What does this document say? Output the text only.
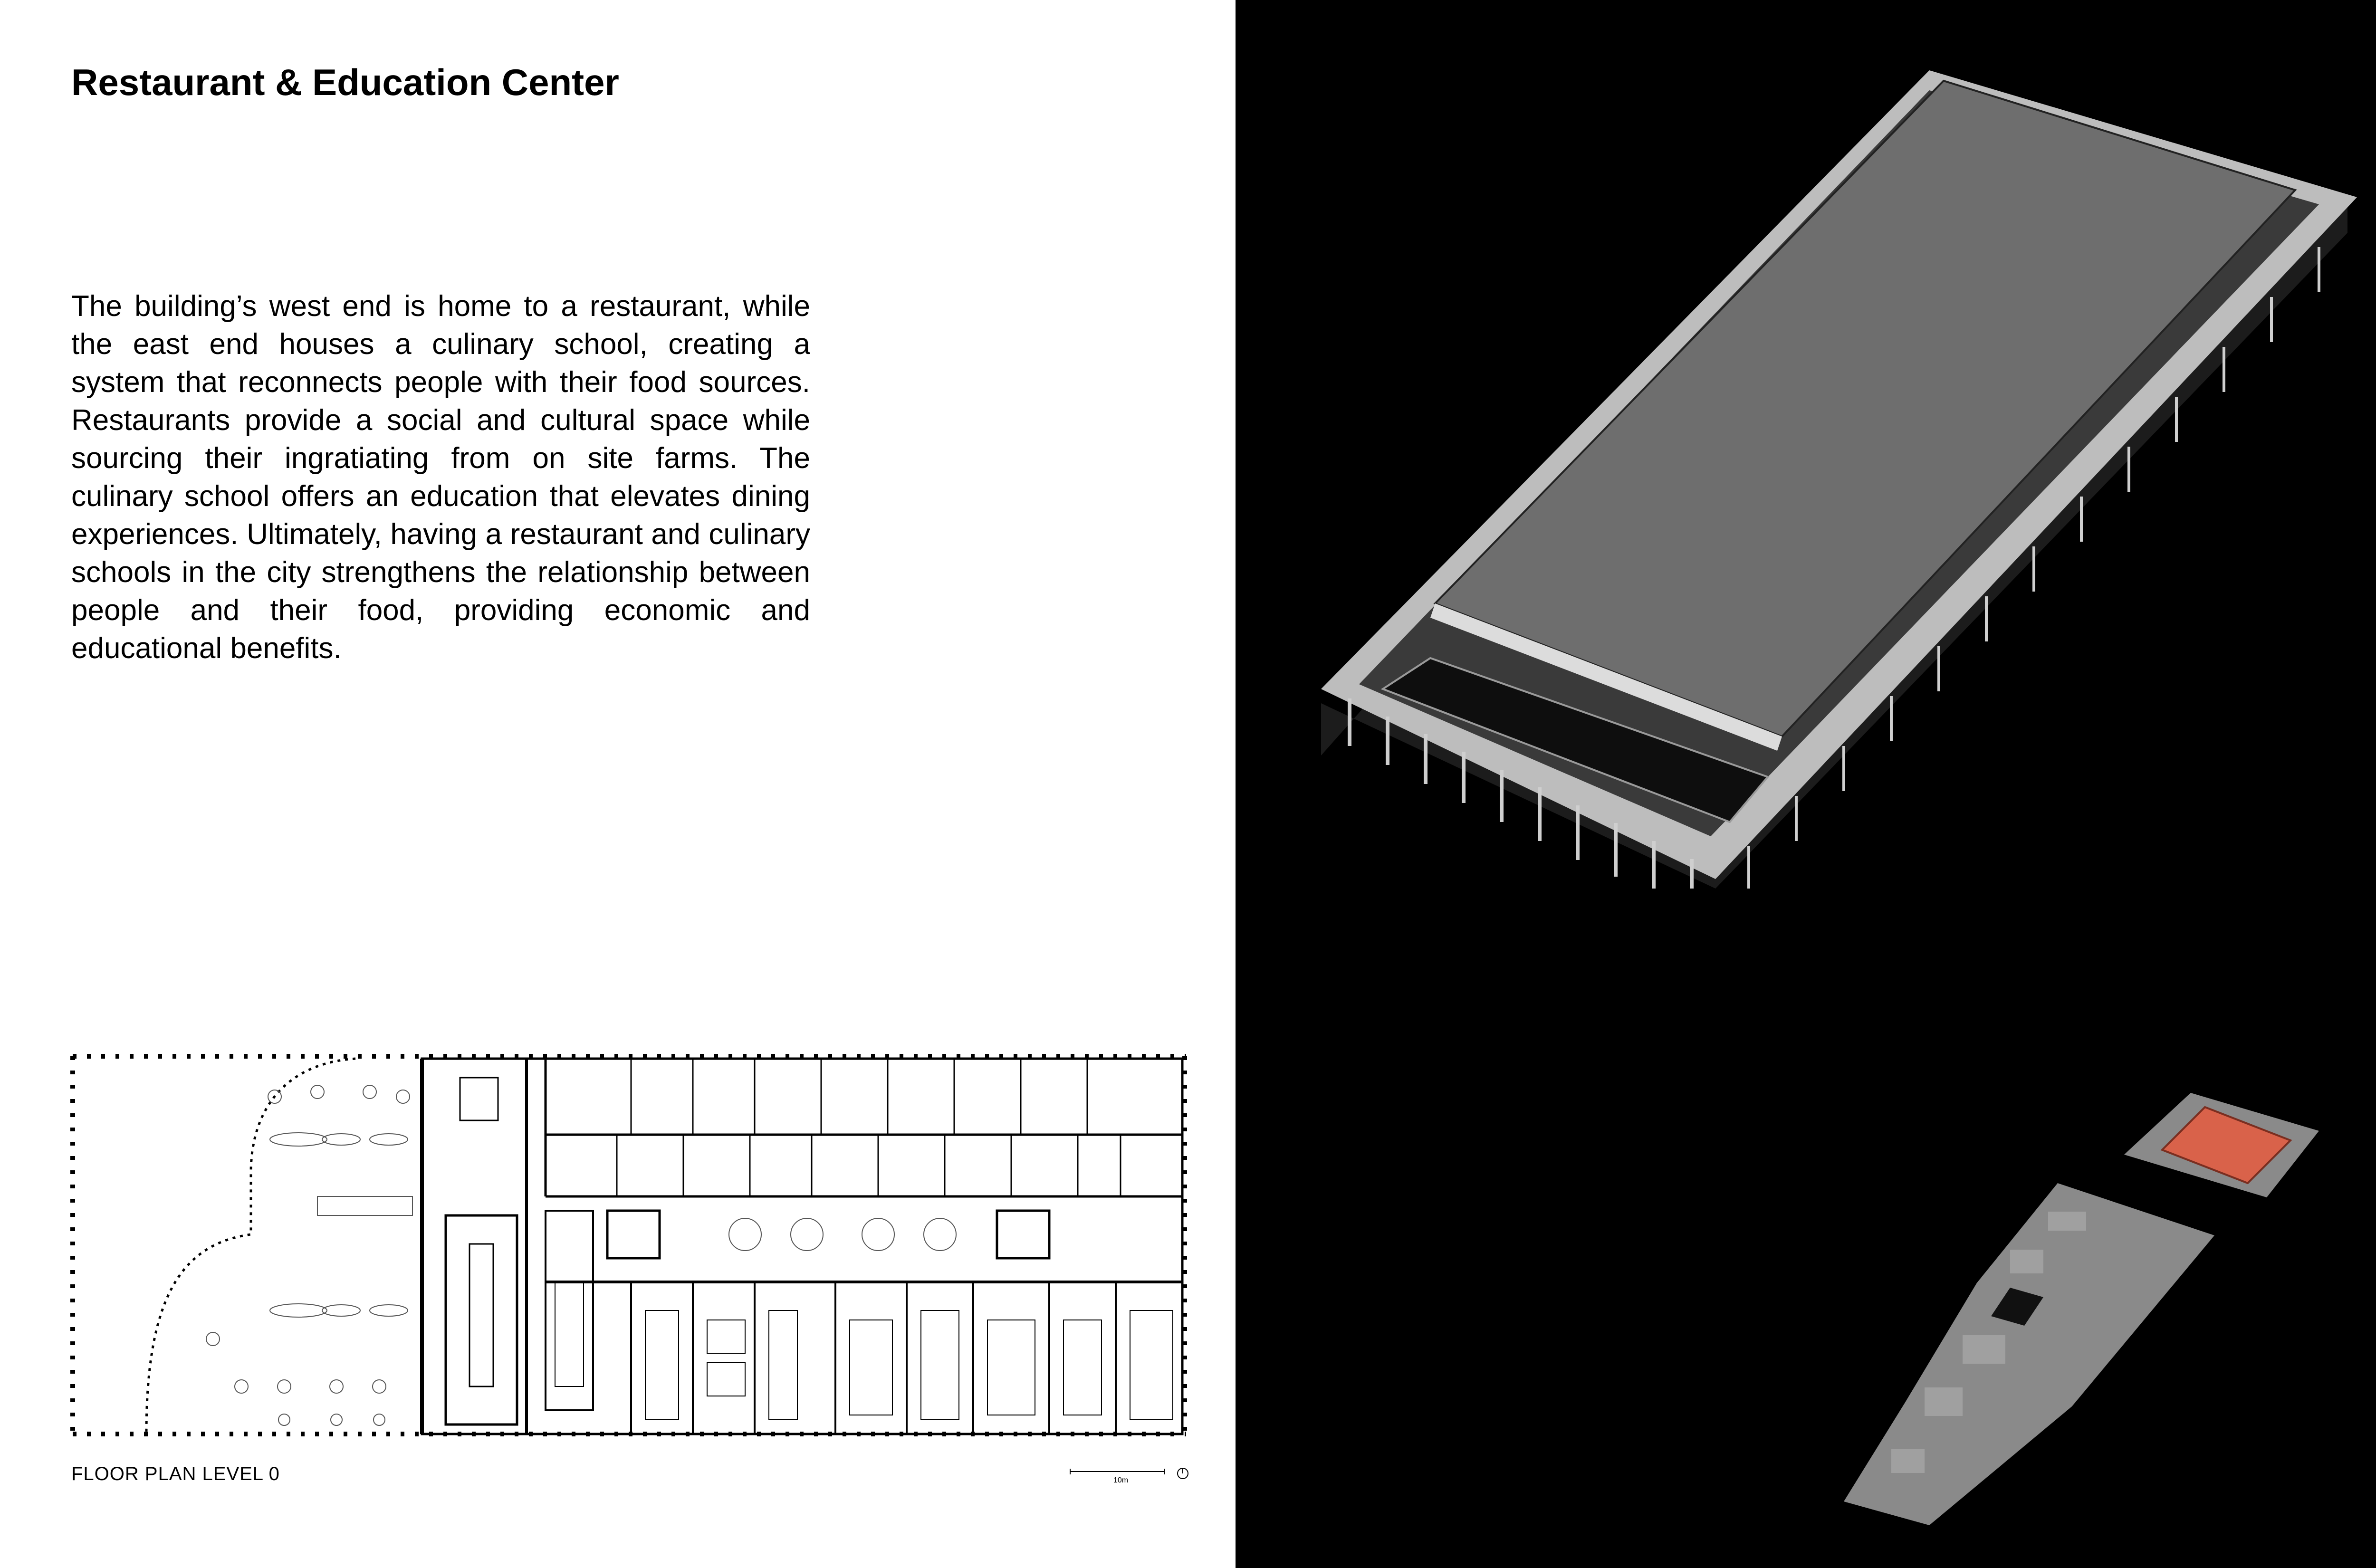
Restaurant & Education Center

The building’s west end is home to a restaurant, while the east end houses a culinary school, creating a system that reconnects people with their food sources. Restaurants provide a social and cultural space while sourcing their ingratiating from on site farms. The culinary school offers an education that elevates dining experiences. Ultimately, having a restaurant and culinary schools in the city strengthens the relationship between people and their food, providing economic and educational benefits.

FLOOR PLAN LEVEL 0	10m
